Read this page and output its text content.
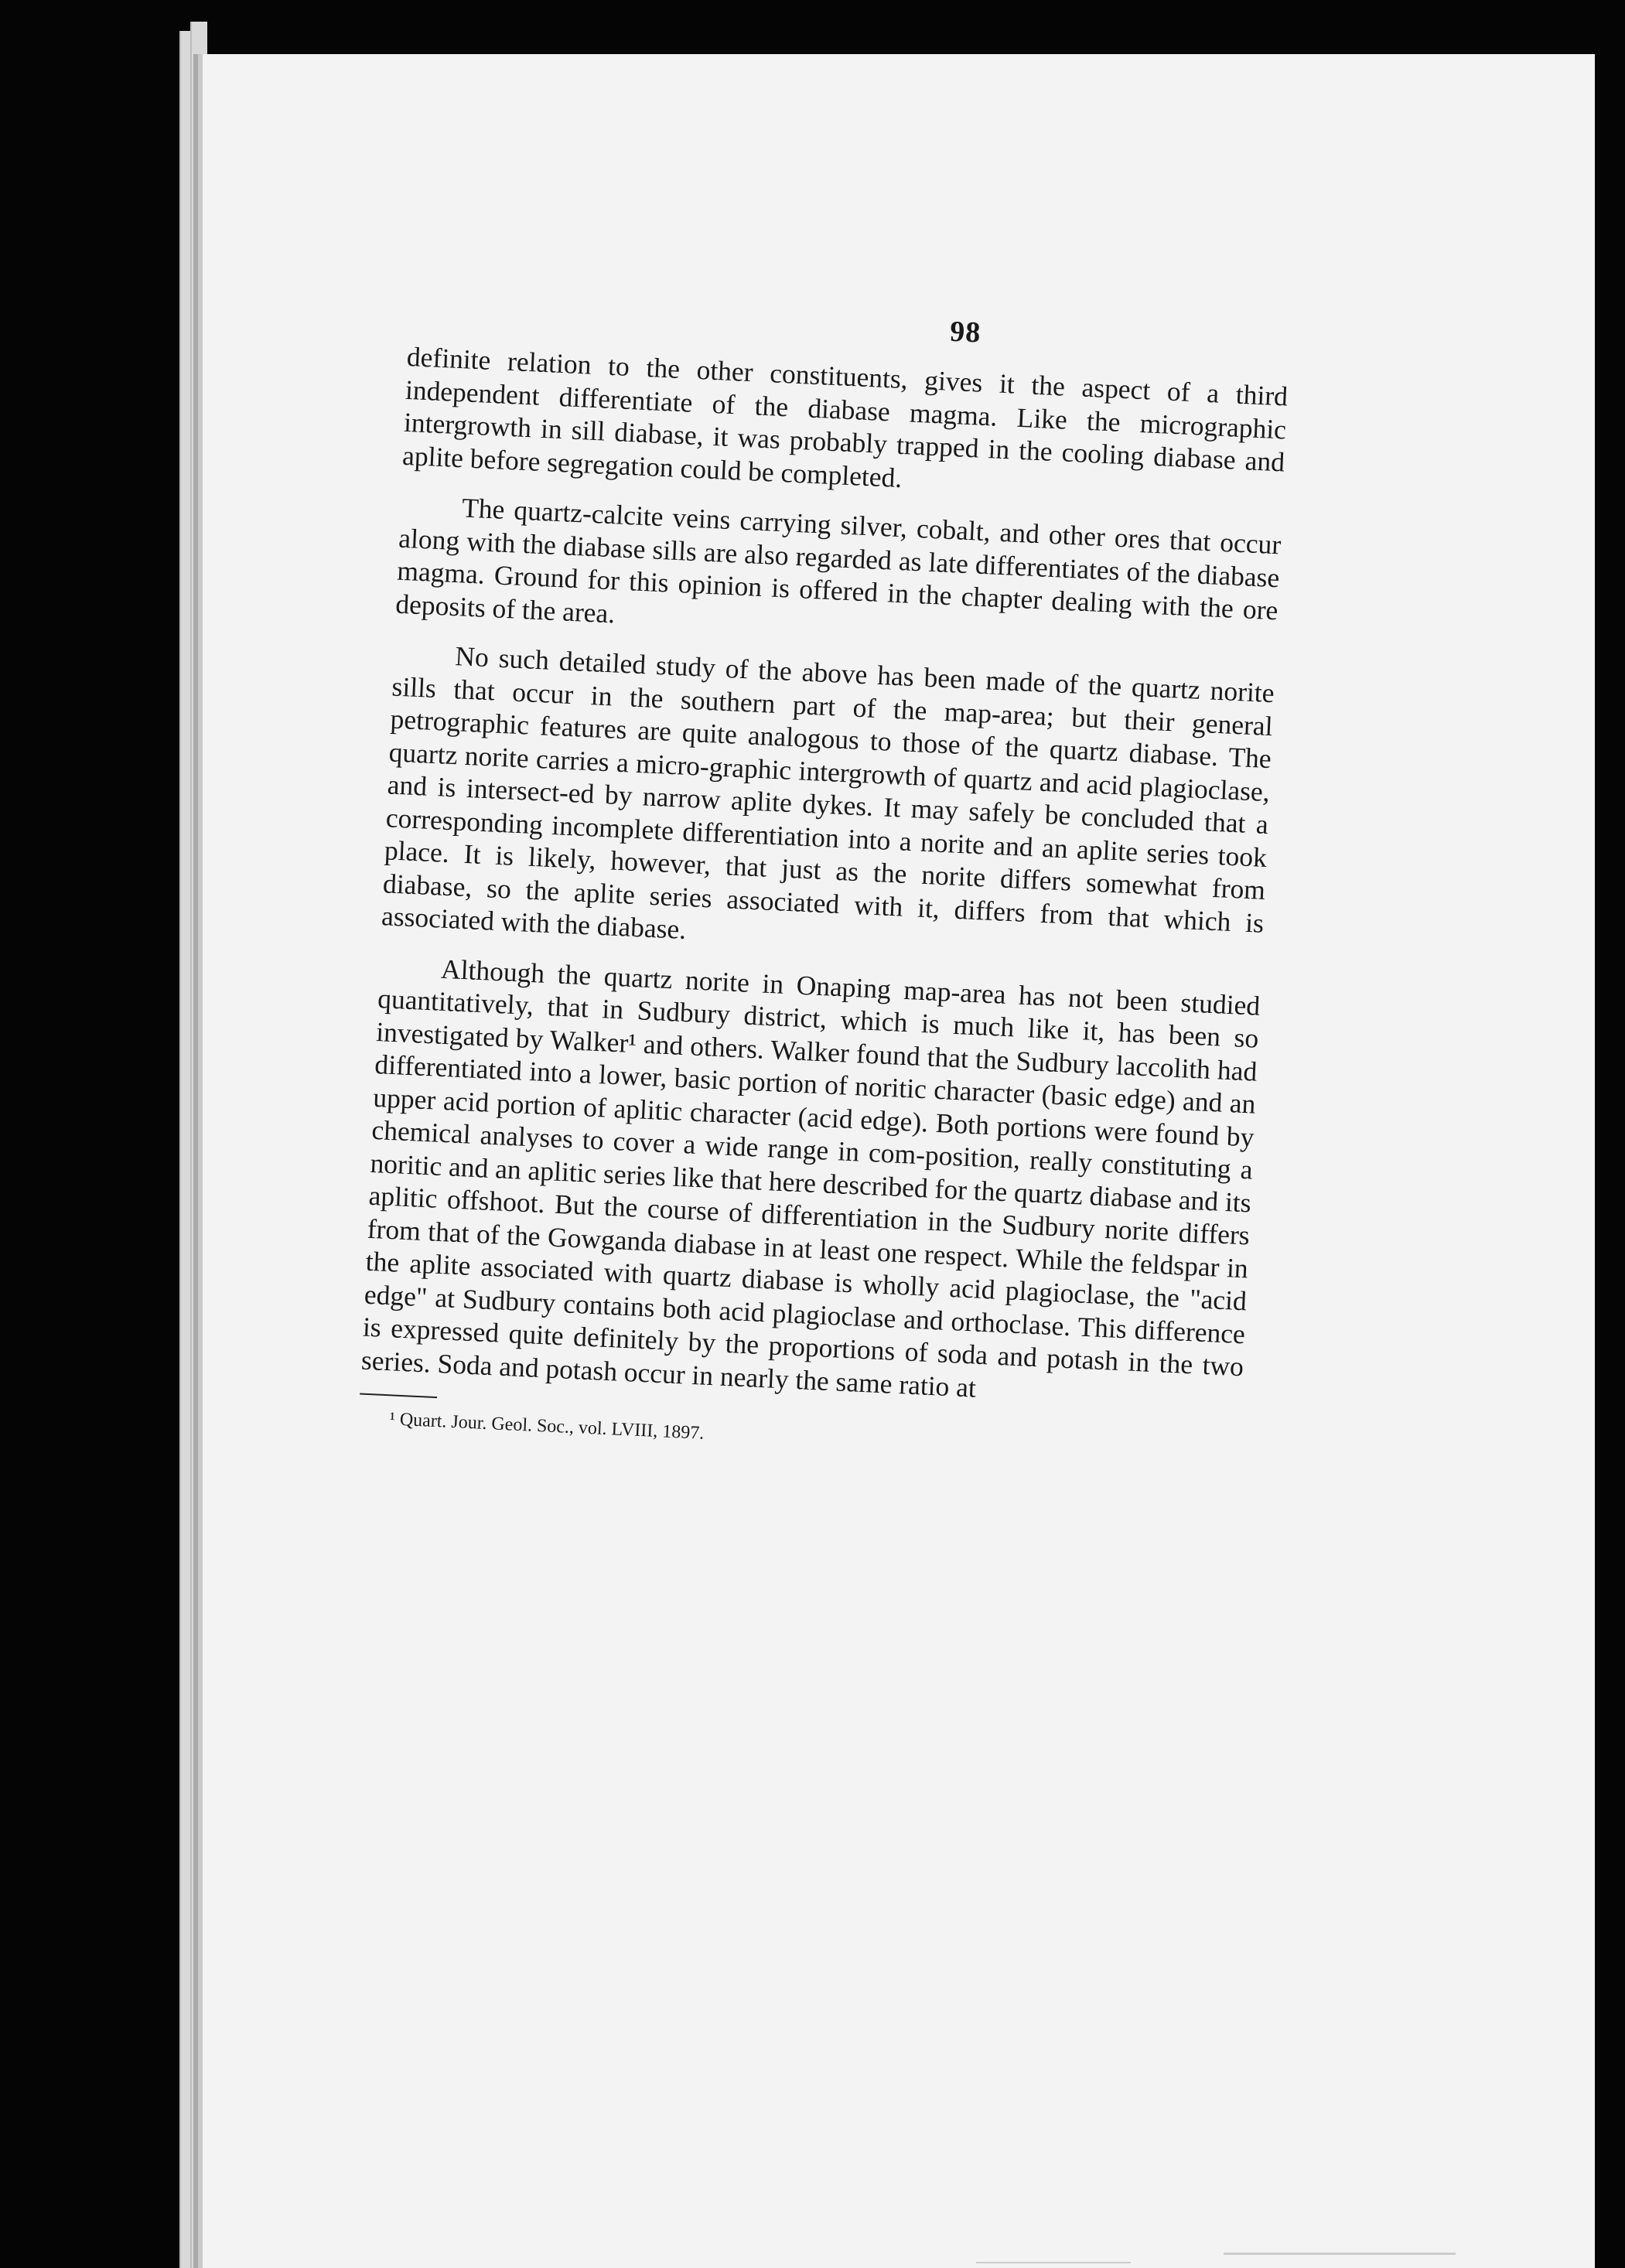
98

definite relation to the other constituents, gives it the aspect of a third independent differentiate of the diabase magma. Like the micrographic intergrowth in sill diabase, it was probably trapped in the cooling diabase and aplite before segregation could be completed.

The quartz-calcite veins carrying silver, cobalt, and other ores that occur along with the diabase sills are also regarded as late differentiates of the diabase magma. Ground for this opinion is offered in the chapter dealing with the ore deposits of the area.

No such detailed study of the above has been made of the quartz norite sills that occur in the southern part of the map-area; but their general petrographic features are quite analogous to those of the quartz diabase. The quartz norite carries a micro-graphic intergrowth of quartz and acid plagioclase, and is intersect-ed by narrow aplite dykes. It may safely be concluded that a corresponding incomplete differentiation into a norite and an aplite series took place. It is likely, however, that just as the norite differs somewhat from diabase, so the aplite series associated with it, differs from that which is associated with the diabase.

Although the quartz norite in Onaping map-area has not been studied quantitatively, that in Sudbury district, which is much like it, has been so investigated by Walker¹ and others. Walker found that the Sudbury laccolith had differentiated into a lower, basic portion of noritic character (basic edge) and an upper acid portion of aplitic character (acid edge). Both portions were found by chemical analyses to cover a wide range in com-position, really constituting a noritic and an aplitic series like that here described for the quartz diabase and its aplitic offshoot. But the course of differentiation in the Sudbury norite differs from that of the Gowganda diabase in at least one respect. While the feldspar in the aplite associated with quartz diabase is wholly acid plagioclase, the "acid edge" at Sudbury contains both acid plagioclase and orthoclase. This difference is expressed quite definitely by the proportions of soda and potash in the two series. Soda and potash occur in nearly the same ratio at

¹ Quart. Jour. Geol. Soc., vol. LVIII, 1897.
